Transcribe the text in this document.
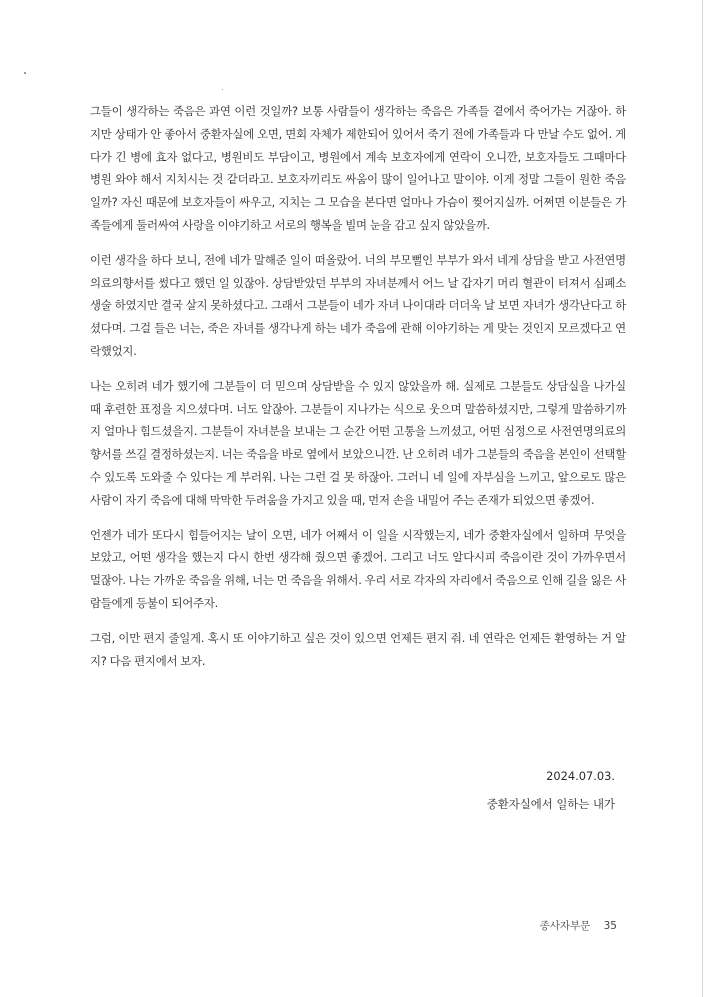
그들이 생각하는 죽음은 과연 이런 것일까? 보통 사람들이 생각하는 죽음은 가족들 곁에서 죽어가는 거잖아. 하지만 상태가 안 좋아서 중환자실에 오면, 면회 자체가 제한되어 있어서 죽기 전에 가족들과 다 만날 수도 없어. 게다가 긴 병에 효자 없다고, 병원비도 부담이고, 병원에서 계속 보호자에게 연락이 오니깐, 보호자들도 그때마다 병원 와야 해서 지치시는 것 같더라고. 보호자끼리도 싸움이 많이 일어나고 말이야. 이게 정말 그들이 원한 죽음일까? 자신 때문에 보호자들이 싸우고, 지치는 그 모습을 본다면 얼마나 가슴이 찢어지실까. 어쩌면 이분들은 가족들에게 둘러싸여 사랑을 이야기하고 서로의 행복을 빌며 눈을 감고 싶지 않았을까.

이런 생각을 하다 보니, 전에 네가 말해준 일이 떠올랐어. 너의 부모뻘인 부부가 와서 네게 상담을 받고 사전연명의료의향서를 썼다고 했던 일 있잖아. 상담받았던 부부의 자녀분께서 어느 날 갑자기 머리 혈관이 터져서 심폐소생술 하였지만 결국 살지 못하셨다고. 그래서 그분들이 네가 자녀 나이대라 더더욱 날 보면 자녀가 생각난다고 하셨다며. 그걸 들은 너는, 죽은 자녀를 생각나게 하는 네가 죽음에 관해 이야기하는 게 맞는 것인지 모르겠다고 연락했었지.

나는 오히려 네가 했기에 그분들이 더 믿으며 상담받을 수 있지 않았을까 해. 실제로 그분들도 상담실을 나가실 때 후련한 표정을 지으셨다며. 너도 알잖아. 그분들이 지나가는 식으로 웃으며 말씀하셨지만, 그렇게 말씀하기까지 얼마나 힘드셨을지. 그분들이 자녀분을 보내는 그 순간 어떤 고통을 느끼셨고, 어떤 심정으로 사전연명의료의향서를 쓰길 결정하셨는지. 너는 죽음을 바로 옆에서 보았으니깐. 난 오히려 네가 그분들의 죽음을 본인이 선택할 수 있도록 도와줄 수 있다는 게 부러워. 나는 그런 걸 못 하잖아. 그러니 네 일에 자부심을 느끼고, 앞으로도 많은 사람이 자기 죽음에 대해 막막한 두려움을 가지고 있을 때, 먼저 손을 내밀어 주는 존재가 되었으면 좋겠어.

언젠가 네가 또다시 힘들어지는 날이 오면, 네가 어째서 이 일을 시작했는지, 네가 중환자실에서 일하며 무엇을 보았고, 어떤 생각을 했는지 다시 한번 생각해 줬으면 좋겠어. 그리고 너도 알다시피 죽음이란 것이 가까우면서 멀잖아. 나는 가까운 죽음을 위해, 너는 먼 죽음을 위해서. 우리 서로 각자의 자리에서 죽음으로 인해 길을 잃은 사람들에게 등불이 되어주자.

그럼, 이만 편지 줄일게. 혹시 또 이야기하고 싶은 것이 있으면 언제든 편지 줘. 네 연락은 언제든 환영하는 거 알지? 다음 편지에서 보자.

2024.07.03.
중환자실에서 일하는 내가
종사자부문 35
